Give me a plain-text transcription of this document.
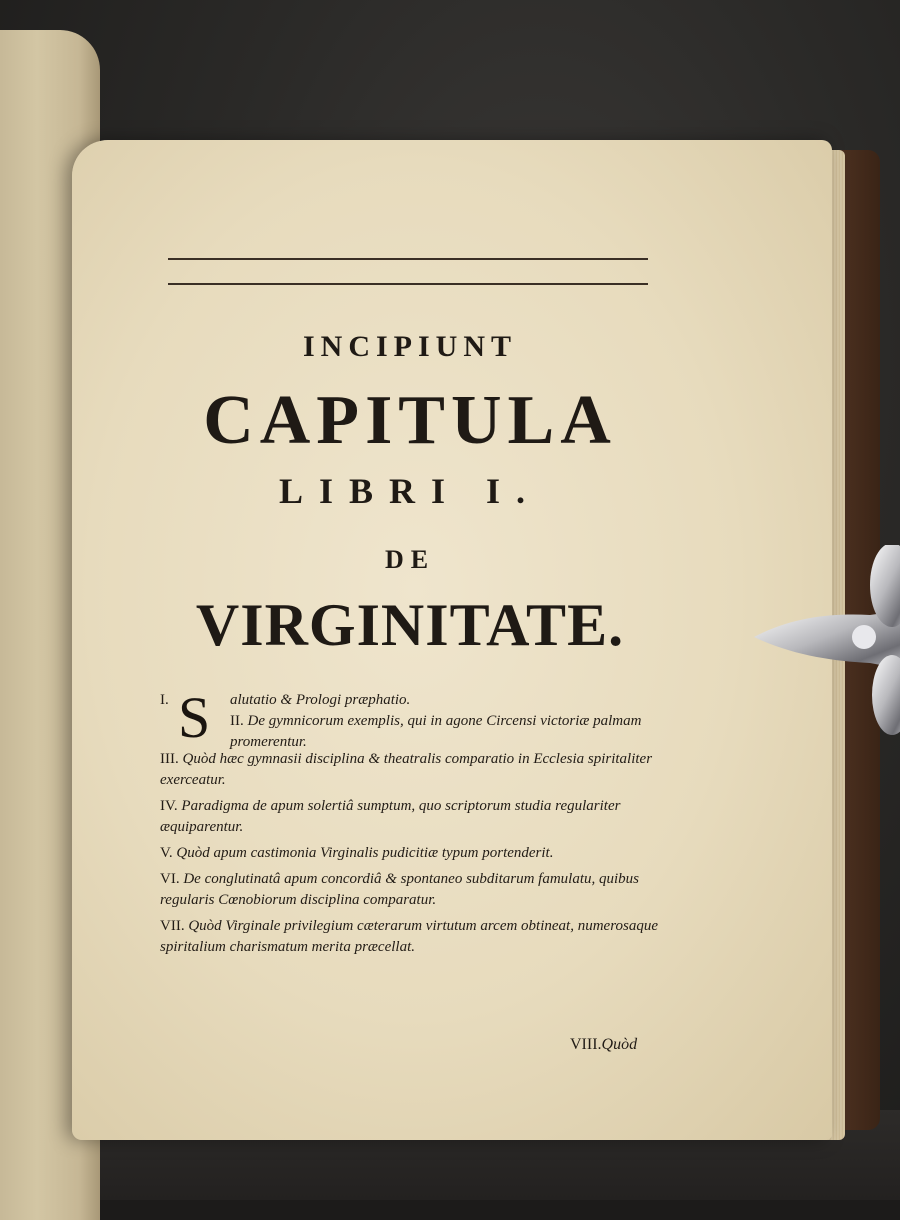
INCIPIUNT
CAPITULA
LIBRI I.
DE
VIRGINITATE.
I. S alutatio & Prologi præphatio.
II. De gymnicorum exemplis, qui in agone Circensi victoriæ palmam promerentur.
III. Quòd hæc gymnasii disciplina & theatralis comparatio in Ecclesia spiritaliter exerceatur.
IV. Paradigma de apum solertiâ sumptum, quo scriptorum studia regulariter æquiparentur.
V. Quòd apum castimonia Virginalis pudicitiæ typum portenderit.
VI. De conglutinatâ apum concordiâ & spontaneo subditarum famulatu, quibus regularis Cœnobiorum disciplina comparatur.
VII. Quòd Virginale privilegium cæterarum virtutum arcem obtineat, numerosaque spiritalium charismatum merita præcellat.
VIII.Quòd
